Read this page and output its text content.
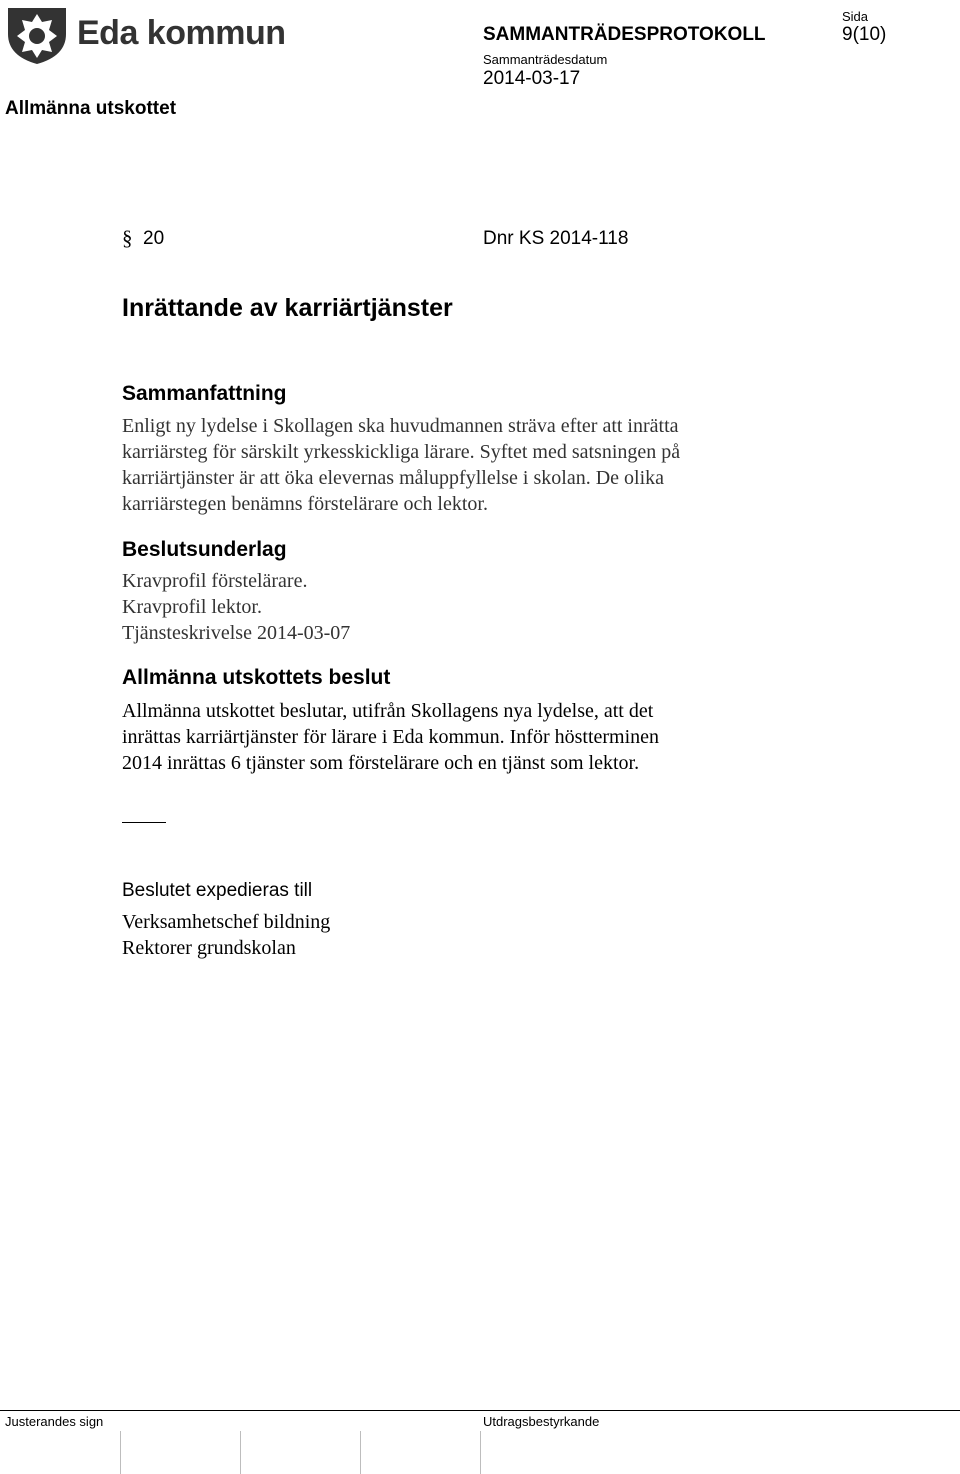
Eda kommun
Allmänna utskottet
SAMMANTRÄDESPROTOKOLL
Sammanträdesdatum
2014-03-17
Sida
9(10)
§ 20	Dnr KS 2014-118
Inrättande av karriärtjänster
Sammanfattning
Enligt ny lydelse i Skollagen ska huvudmannen sträva efter att inrätta
karriärsteg för särskilt yrkesskickliga lärare. Syftet med satsningen på
karriärtjänster är att öka elevernas måluppfyllelse i skolan. De olika
karriärstegen benämns förstelärare och lektor.
Beslutsunderlag
Kravprofil förstelärare.
Kravprofil lektor.
Tjänsteskrivelse 2014-03-07
Allmänna utskottets beslut
Allmänna utskottet beslutar, utifrån Skollagens nya lydelse, att det
inrättas karriärtjänster för lärare i Eda kommun. Inför höstterminen
2014 inrättas 6 tjänster som förstelärare och en tjänst som lektor.
Beslutet expedieras till
Verksamhetschef bildning
Rektorer grundskolan
Justerandes sign	Utdragsbestyrkande
